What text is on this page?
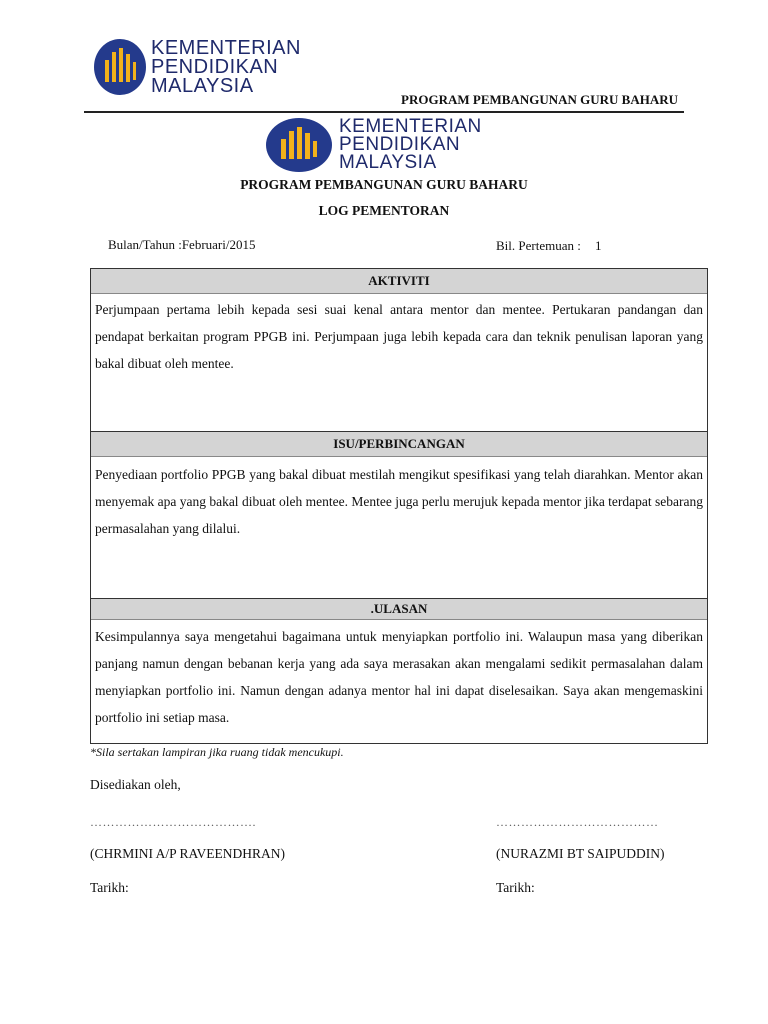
KEMENTERIAN
PENDIDIKAN
MALAYSIA
PROGRAM PEMBANGUNAN GURU BAHARU
KEMENTERIAN
PENDIDIKAN
MALAYSIA
PROGRAM PEMBANGUNAN GURU BAHARU
LOG PEMENTORAN
Bulan/Tahun :Februari/2015	Bil. Pertemuan : 1
AKTIVITI
Perjumpaan pertama lebih kepada sesi suai kenal antara mentor dan mentee. Pertukaran pandangan dan pendapat berkaitan program PPGB ini. Perjumpaan juga lebih kepada cara dan teknik penulisan laporan yang bakal dibuat oleh mentee.
ISU/PERBINCANGAN
Penyediaan portfolio PPGB yang bakal dibuat mestilah mengikut spesifikasi yang telah diarahkan. Mentor akan menyemak apa yang bakal dibuat oleh mentee. Mentee juga perlu merujuk kepada mentor jika terdapat sebarang permasalahan yang dilalui.
.ULASAN
Kesimpulannya saya mengetahui bagaimana untuk menyiapkan portfolio ini. Walaupun masa yang diberikan panjang namun dengan bebanan kerja yang ada saya merasakan akan mengalami sedikit permasalahan dalam menyiapkan portfolio ini. Namun dengan adanya mentor hal ini dapat diselesaikan. Saya akan mengemaskini portfolio ini setiap masa.
*Sila sertakan lampiran jika ruang tidak mencukupi.
Disediakan oleh,
………………………………….	…………………………………
(CHRMINI A/P RAVEENDHRAN)	(NURAZMI BT SAIPUDDIN)
Tarikh:	Tarikh:
